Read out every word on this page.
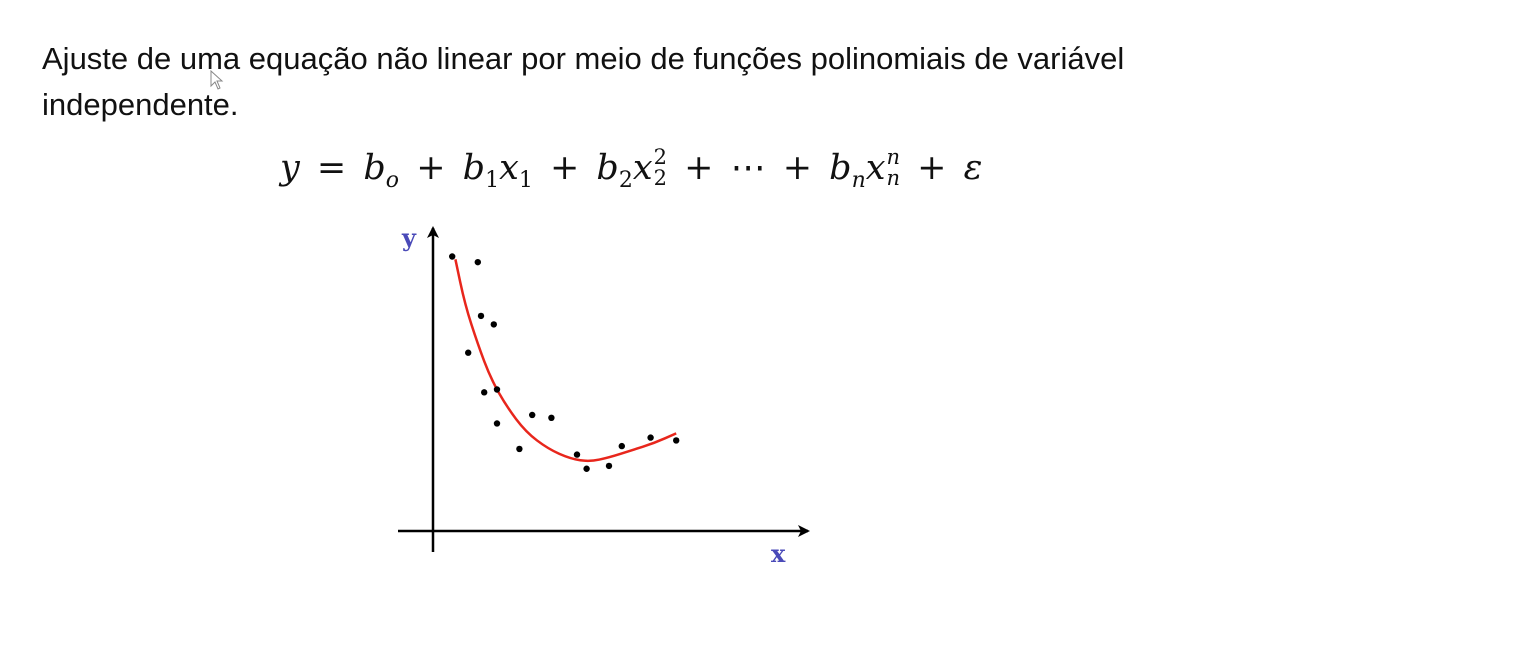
Ajuste de uma equação não linear por meio de funções polinomiais de variável independente.

$y = b_o + b_1x_1 + b_2x$ 2
2 + ⋯ + $b_nx$ n
n + ε
y
x
